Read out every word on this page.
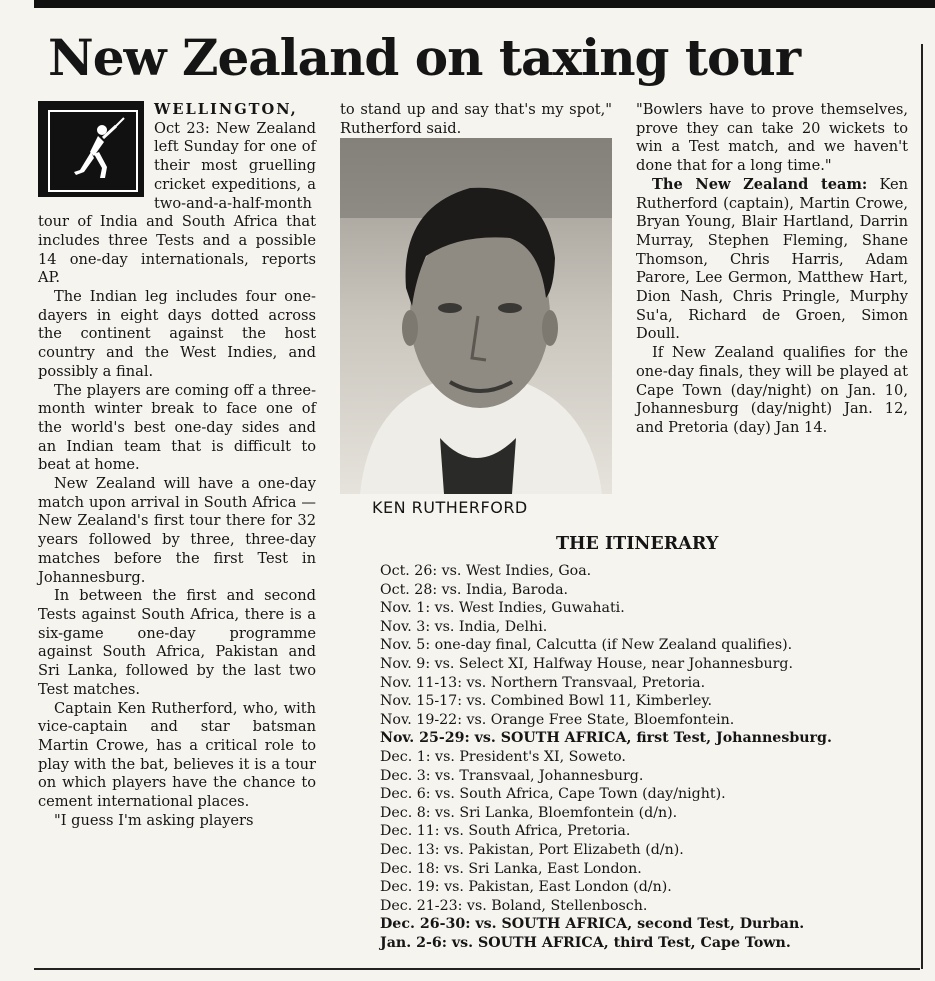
New Zealand on taxing tour

WELLINGTON, Oct 23: New Zealand left Sunday for one of their most gruelling cricket expeditions, a two-and-a-half-month tour of India and South Africa that includes three Tests and a possible 14 one-day internationals, reports AP.

The Indian leg includes four one-dayers in eight days dotted across the continent against the host country and the West Indies, and possibly a final.

The players are coming off a three-month winter break to face one of the world's best one-day sides and an Indian team that is difficult to beat at home.

New Zealand will have a one-day match upon arrival in South Africa — New Zealand's first tour there for 32 years followed by three, three-day matches before the first Test in Johannesburg.

In between the first and second Tests against South Africa, there is a six-game one-day programme against South Africa, Pakistan and Sri Lanka, followed by the last two Test matches.

Captain Ken Rutherford, who, with vice-captain and star batsman Martin Crowe, has a critical role to play with the bat, believes it is a tour on which players have the chance to cement international places.

"I guess I'm asking players

to stand up and say that's my spot," Rutherford said.

KEN RUTHERFORD

"Bowlers have to prove themselves, prove they can take 20 wickets to win a Test match, and we haven't done that for a long time."

The New Zealand team: Ken Rutherford (captain), Martin Crowe, Bryan Young, Blair Hartland, Darrin Murray, Stephen Fleming, Shane Thomson, Chris Harris, Adam Parore, Lee Germon, Matthew Hart, Dion Nash, Chris Pringle, Murphy Su'a, Richard de Groen, Simon Doull.

If New Zealand qualifies for the one-day finals, they will be played at Cape Town (day/night) on Jan. 10, Johannesburg (day/night) Jan. 12, and Pretoria (day) Jan 14.

THE ITINERARY
Oct. 26: vs. West Indies, Goa.
Oct. 28: vs. India, Baroda.
Nov. 1: vs. West Indies, Guwahati.
Nov. 3: vs. India, Delhi.
Nov. 5: one-day final, Calcutta (if New Zealand qualifies).
Nov. 9: vs. Select XI, Halfway House, near Johannesburg.
Nov. 11-13: vs. Northern Transvaal, Pretoria.
Nov. 15-17: vs. Combined Bowl 11, Kimberley.
Nov. 19-22: vs. Orange Free State, Bloemfontein.
Nov. 25-29: vs. SOUTH AFRICA, first Test, Johannesburg.
Dec. 1: vs. President's XI, Soweto.
Dec. 3: vs. Transvaal, Johannesburg.
Dec. 6: vs. South Africa, Cape Town (day/night).
Dec. 8: vs. Sri Lanka, Bloemfontein (d/n).
Dec. 11: vs. South Africa, Pretoria.
Dec. 13: vs. Pakistan, Port Elizabeth (d/n).
Dec. 18: vs. Sri Lanka, East London.
Dec. 19: vs. Pakistan, East London (d/n).
Dec. 21-23: vs. Boland, Stellenbosch.
Dec. 26-30: vs. SOUTH AFRICA, second Test, Durban.
Jan. 2-6: vs. SOUTH AFRICA, third Test, Cape Town.
